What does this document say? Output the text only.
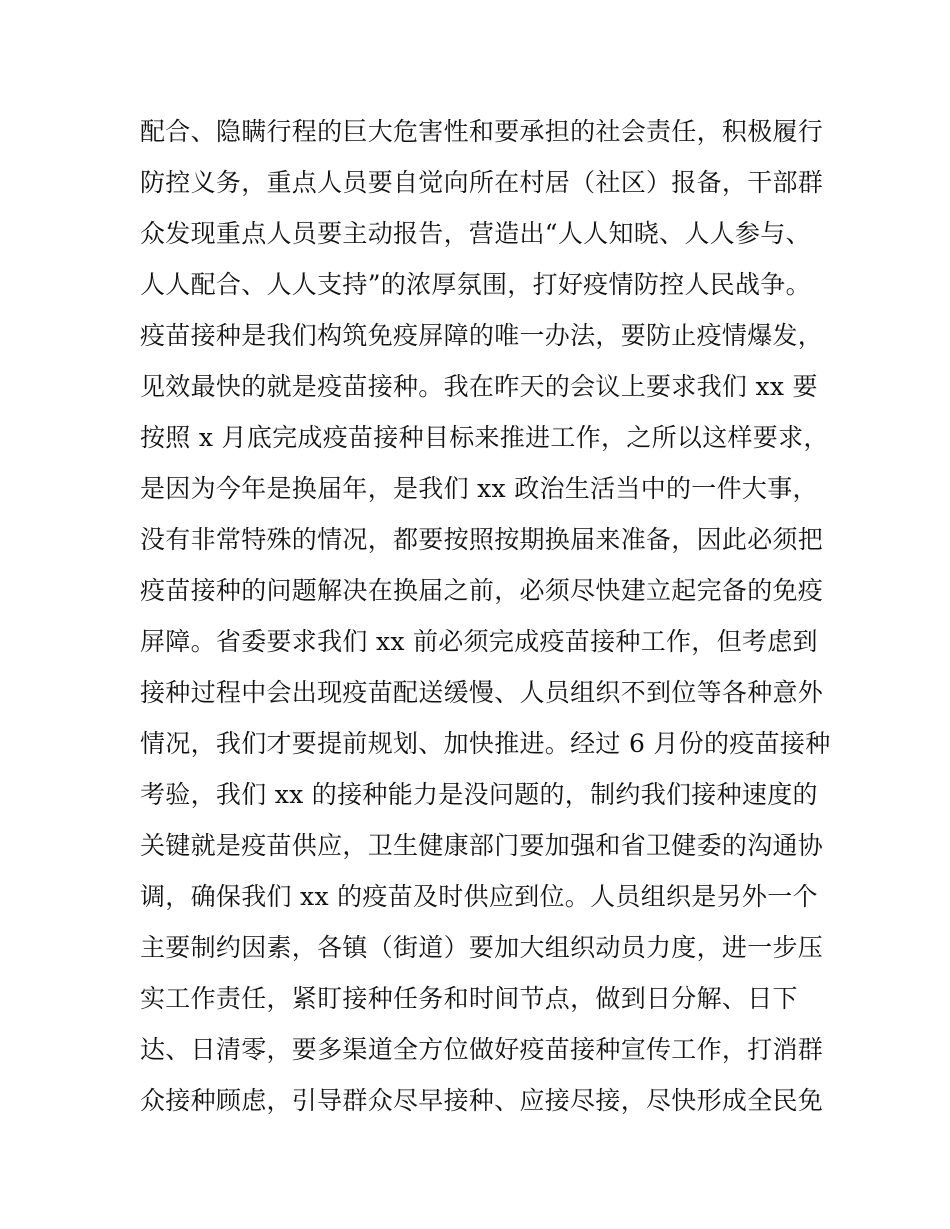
配合、隐瞒行程的巨大危害性和要承担的社会责任，积极履行
防控义务，重点人员要自觉向所在村居（社区）报备，干部群
众发现重点人员要主动报告，营造出“人人知晓、人人参与、
人人配合、人人支持”的浓厚氛围，打好疫情防控人民战争。
疫苗接种是我们构筑免疫屏障的唯一办法，要防止疫情爆发，
见效最快的就是疫苗接种。我在昨天的会议上要求我们 xx 要
按照 x 月底完成疫苗接种目标来推进工作，之所以这样要求，
是因为今年是换届年，是我们 xx 政治生活当中的一件大事，
没有非常特殊的情况，都要按照按期换届来准备，因此必须把
疫苗接种的问题解决在换届之前，必须尽快建立起完备的免疫
屏障。省委要求我们 xx 前必须完成疫苗接种工作，但考虑到
接种过程中会出现疫苗配送缓慢、人员组织不到位等各种意外
情况，我们才要提前规划、加快推进。经过 6 月份的疫苗接种
考验，我们 xx 的接种能力是没问题的，制约我们接种速度的
关键就是疫苗供应，卫生健康部门要加强和省卫健委的沟通协
调，确保我们 xx 的疫苗及时供应到位。人员组织是另外一个
主要制约因素，各镇（街道）要加大组织动员力度，进一步压
实工作责任，紧盯接种任务和时间节点，做到日分解、日下
达、日清零，要多渠道全方位做好疫苗接种宣传工作，打消群
众接种顾虑，引导群众尽早接种、应接尽接，尽快形成全民免
